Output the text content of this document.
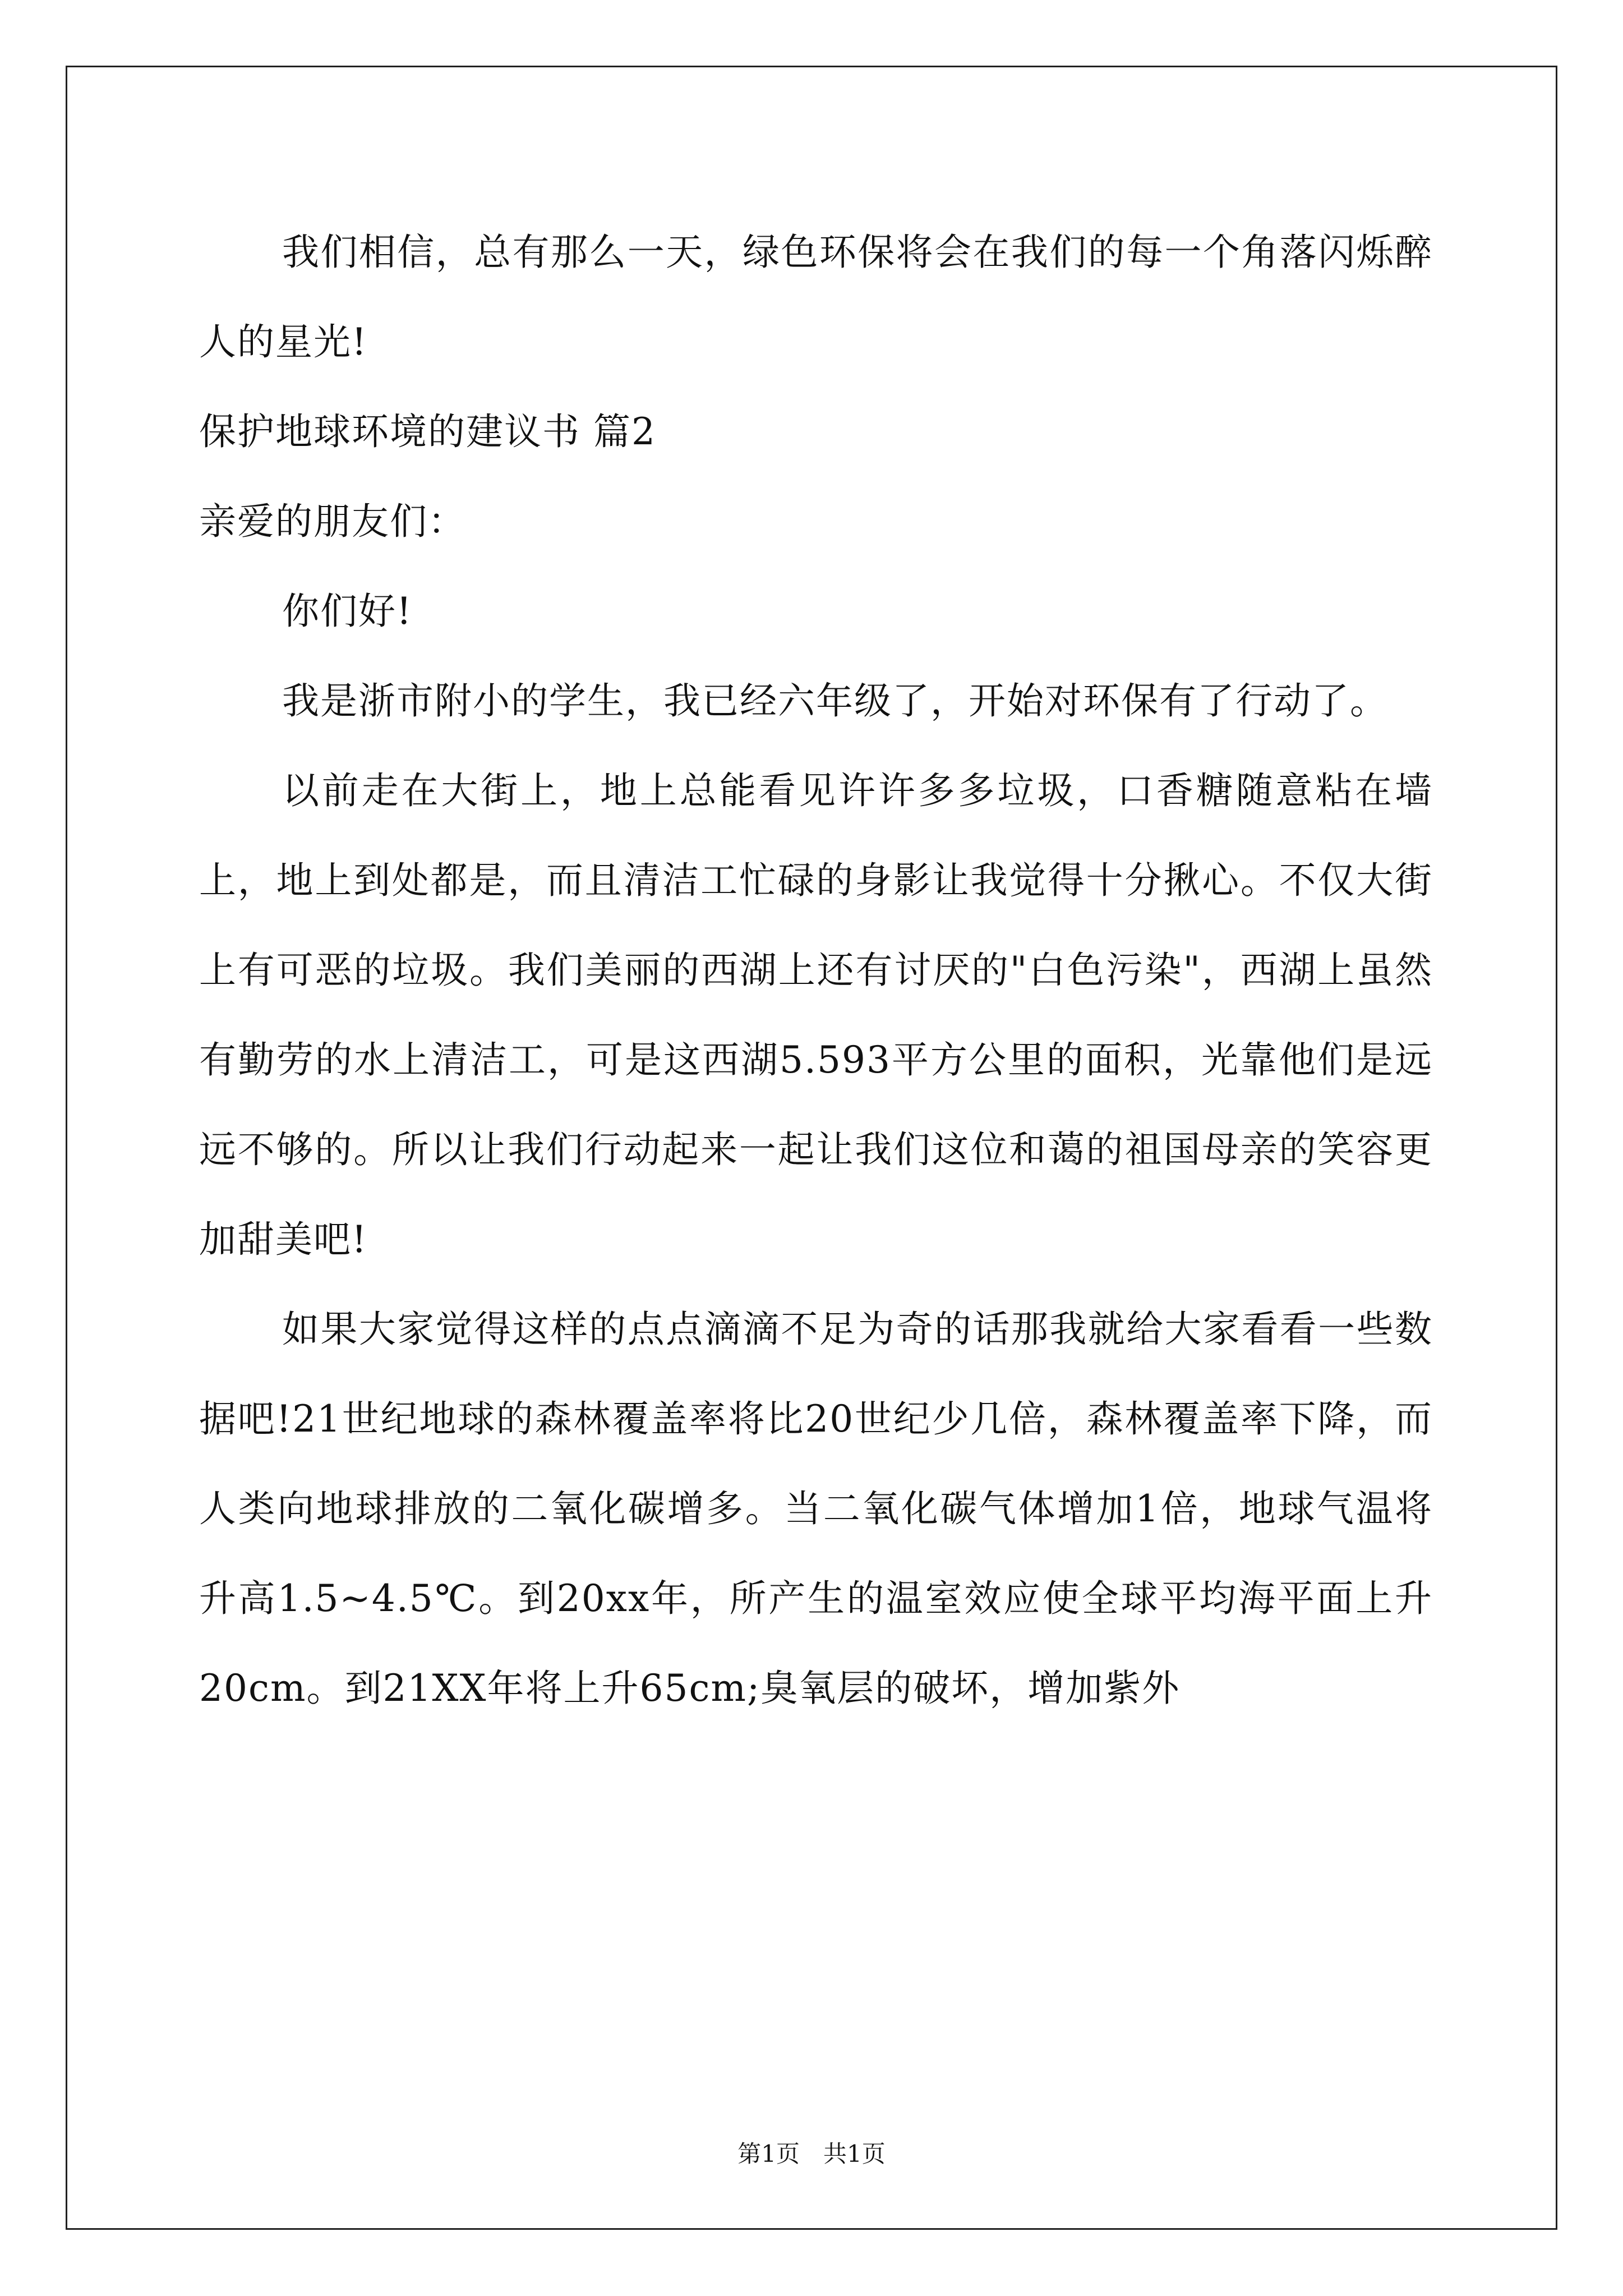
我们相信，总有那么一天，绿色环保将会在我们的每一个角落闪烁醉人的星光!

保护地球环境的建议书 篇2

亲爱的朋友们：

你们好!

我是浙市附小的学生，我已经六年级了，开始对环保有了行动了。

以前走在大街上，地上总能看见许许多多垃圾，口香糖随意粘在墙上，地上到处都是，而且清洁工忙碌的身影让我觉得十分揪心。不仅大街上有可恶的垃圾。我们美丽的西湖上还有讨厌的"白色污染"，西湖上虽然有勤劳的水上清洁工，可是这西湖5.593平方公里的面积，光靠他们是远远不够的。所以让我们行动起来一起让我们这位和蔼的祖国母亲的笑容更加甜美吧!

如果大家觉得这样的点点滴滴不足为奇的话那我就给大家看看一些数据吧!21世纪地球的森林覆盖率将比20世纪少几倍，森林覆盖率下降，而人类向地球排放的二氧化碳增多。当二氧化碳气体增加1倍，地球气温将升高1.5~4.5℃。到20xx年，所产生的温室效应使全球平均海平面上升20cm。到21XX年将上升65cm;臭氧层的破坏，增加紫外

第1页　共1页
